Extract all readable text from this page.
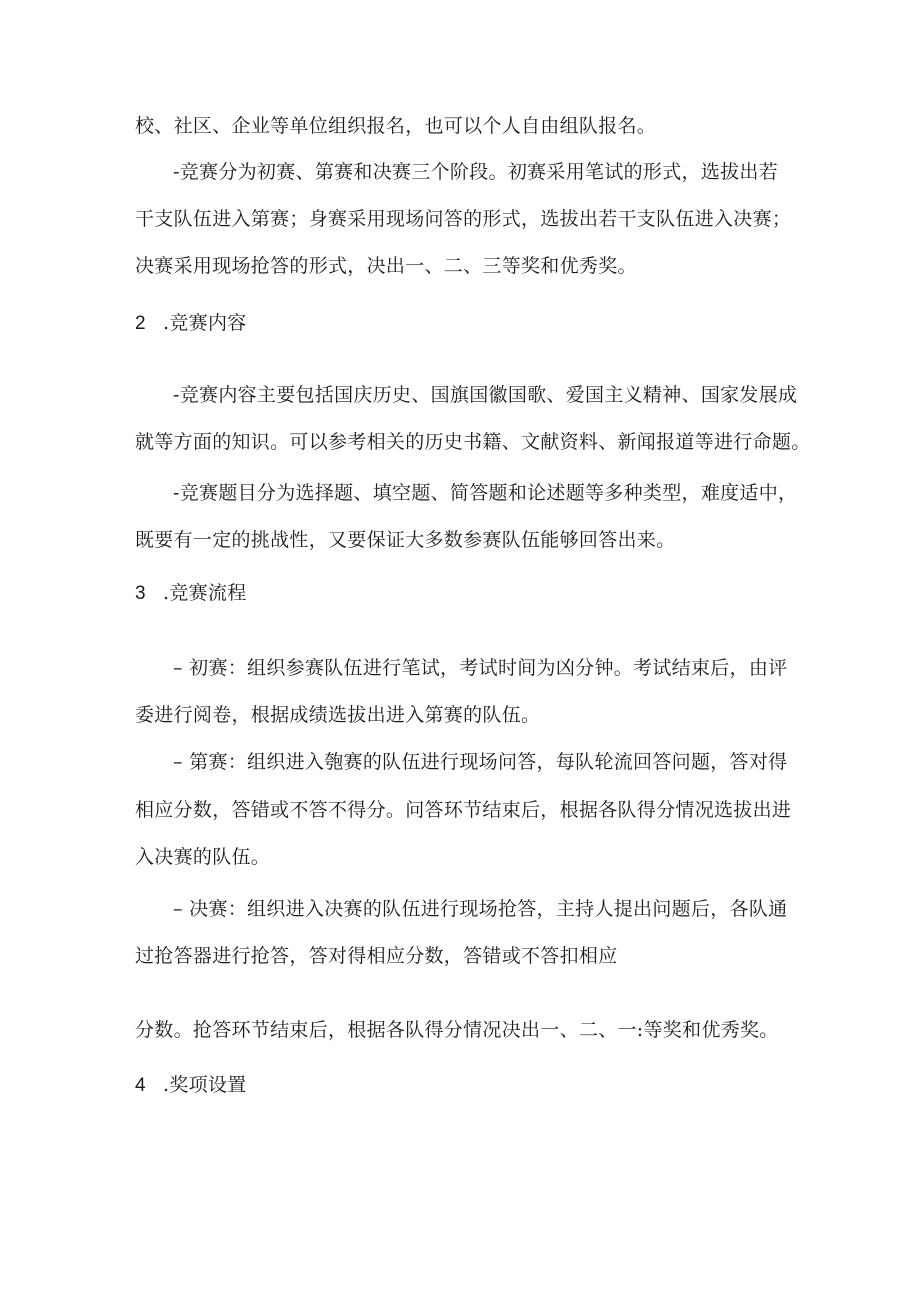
校、社区、企业等单位组织报名，也可以个人自由组队报名。

-竞赛分为初赛、第赛和决赛三个阶段。初赛采用笔试的形式，选拔出若

干支队伍进入第赛；身赛采用现场问答的形式，选拔出若干支队伍进入决赛；

决赛采用现场抢答的形式，决出一、二、三等奖和优秀奖。

2 .竞赛内容

-竞赛内容主要包括国庆历史、国旗国徽国歌、爱国主义精神、国家发展成

就等方面的知识。可以参考相关的历史书籍、文献资料、新闻报道等进行命题。

-竞赛题目分为选择题、填空题、简答题和论述题等多种类型，难度适中，

既要有一定的挑战性，又要保证大多数参赛队伍能够回答出来。

3 .竞赛流程

– 初赛：组织参赛队伍进行笔试，考试时间为凶分钟。考试结束后，由评

委进行阅卷，根据成绩选拔出进入第赛的队伍。

– 第赛：组织进入匏赛的队伍进行现场问答，每队轮流回答问题，答对得

相应分数，答错或不答不得分。问答环节结束后，根据各队得分情况选拔出进

入决赛的队伍。

– 决赛：组织进入决赛的队伍进行现场抢答，主持人提出问题后，各队通

过抢答器进行抢答，答对得相应分数，答错或不答扣相应

分数。抢答环节结束后，根据各队得分情况决出一、二、一:等奖和优秀奖。

4 .奖项设置
